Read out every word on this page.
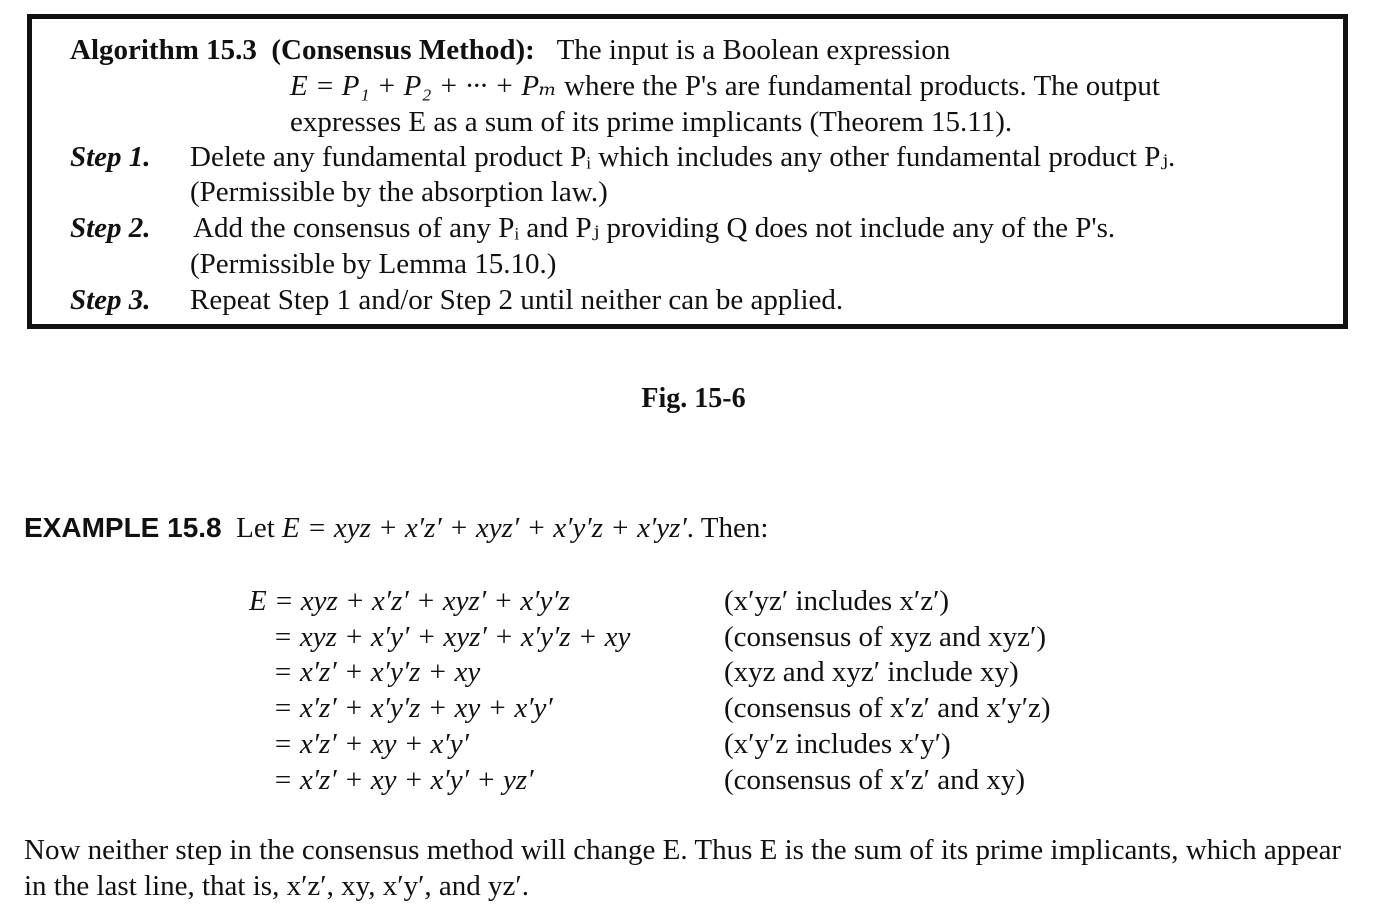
Algorithm 15.3 (Consensus Method): The input is a Boolean expression
E = P₁ + P₂ + ··· + Pₘ where the P's are fundamental products. The output
expresses E as a sum of its prime implicants (Theorem 15.11).
Step 1. Delete any fundamental product Pᵢ which includes any other fundamental product Pⱼ.
(Permissible by the absorption law.)
Step 2. Add the consensus of any Pᵢ and Pⱼ providing Q does not include any of the P's.
(Permissible by Lemma 15.10.)
Step 3. Repeat Step 1 and/or Step 2 until neither can be applied.
Fig. 15-6
EXAMPLE 15.8 Let E = xyz + x′z′ + xyz′ + x′y′z + x′yz′. Then:
E = xyz + x′z′ + xyz′ + x′y′z	(x′yz′ includes x′z′)
= xyz + x′y′ + xyz′ + x′y′z + xy	(consensus of xyz and xyz′)
= x′z′ + x′y′z + xy	(xyz and xyz′ include xy)
= x′z′ + x′y′z + xy + x′y′	(consensus of x′z′ and x′y′z)
= x′z′ + xy + x′y′	(x′y′z includes x′y′)
= x′z′ + xy + x′y′ + yz′	(consensus of x′z′ and xy)
Now neither step in the consensus method will change E. Thus E is the sum of its prime implicants, which appear
in the last line, that is, x′z′, xy, x′y′, and yz′.
